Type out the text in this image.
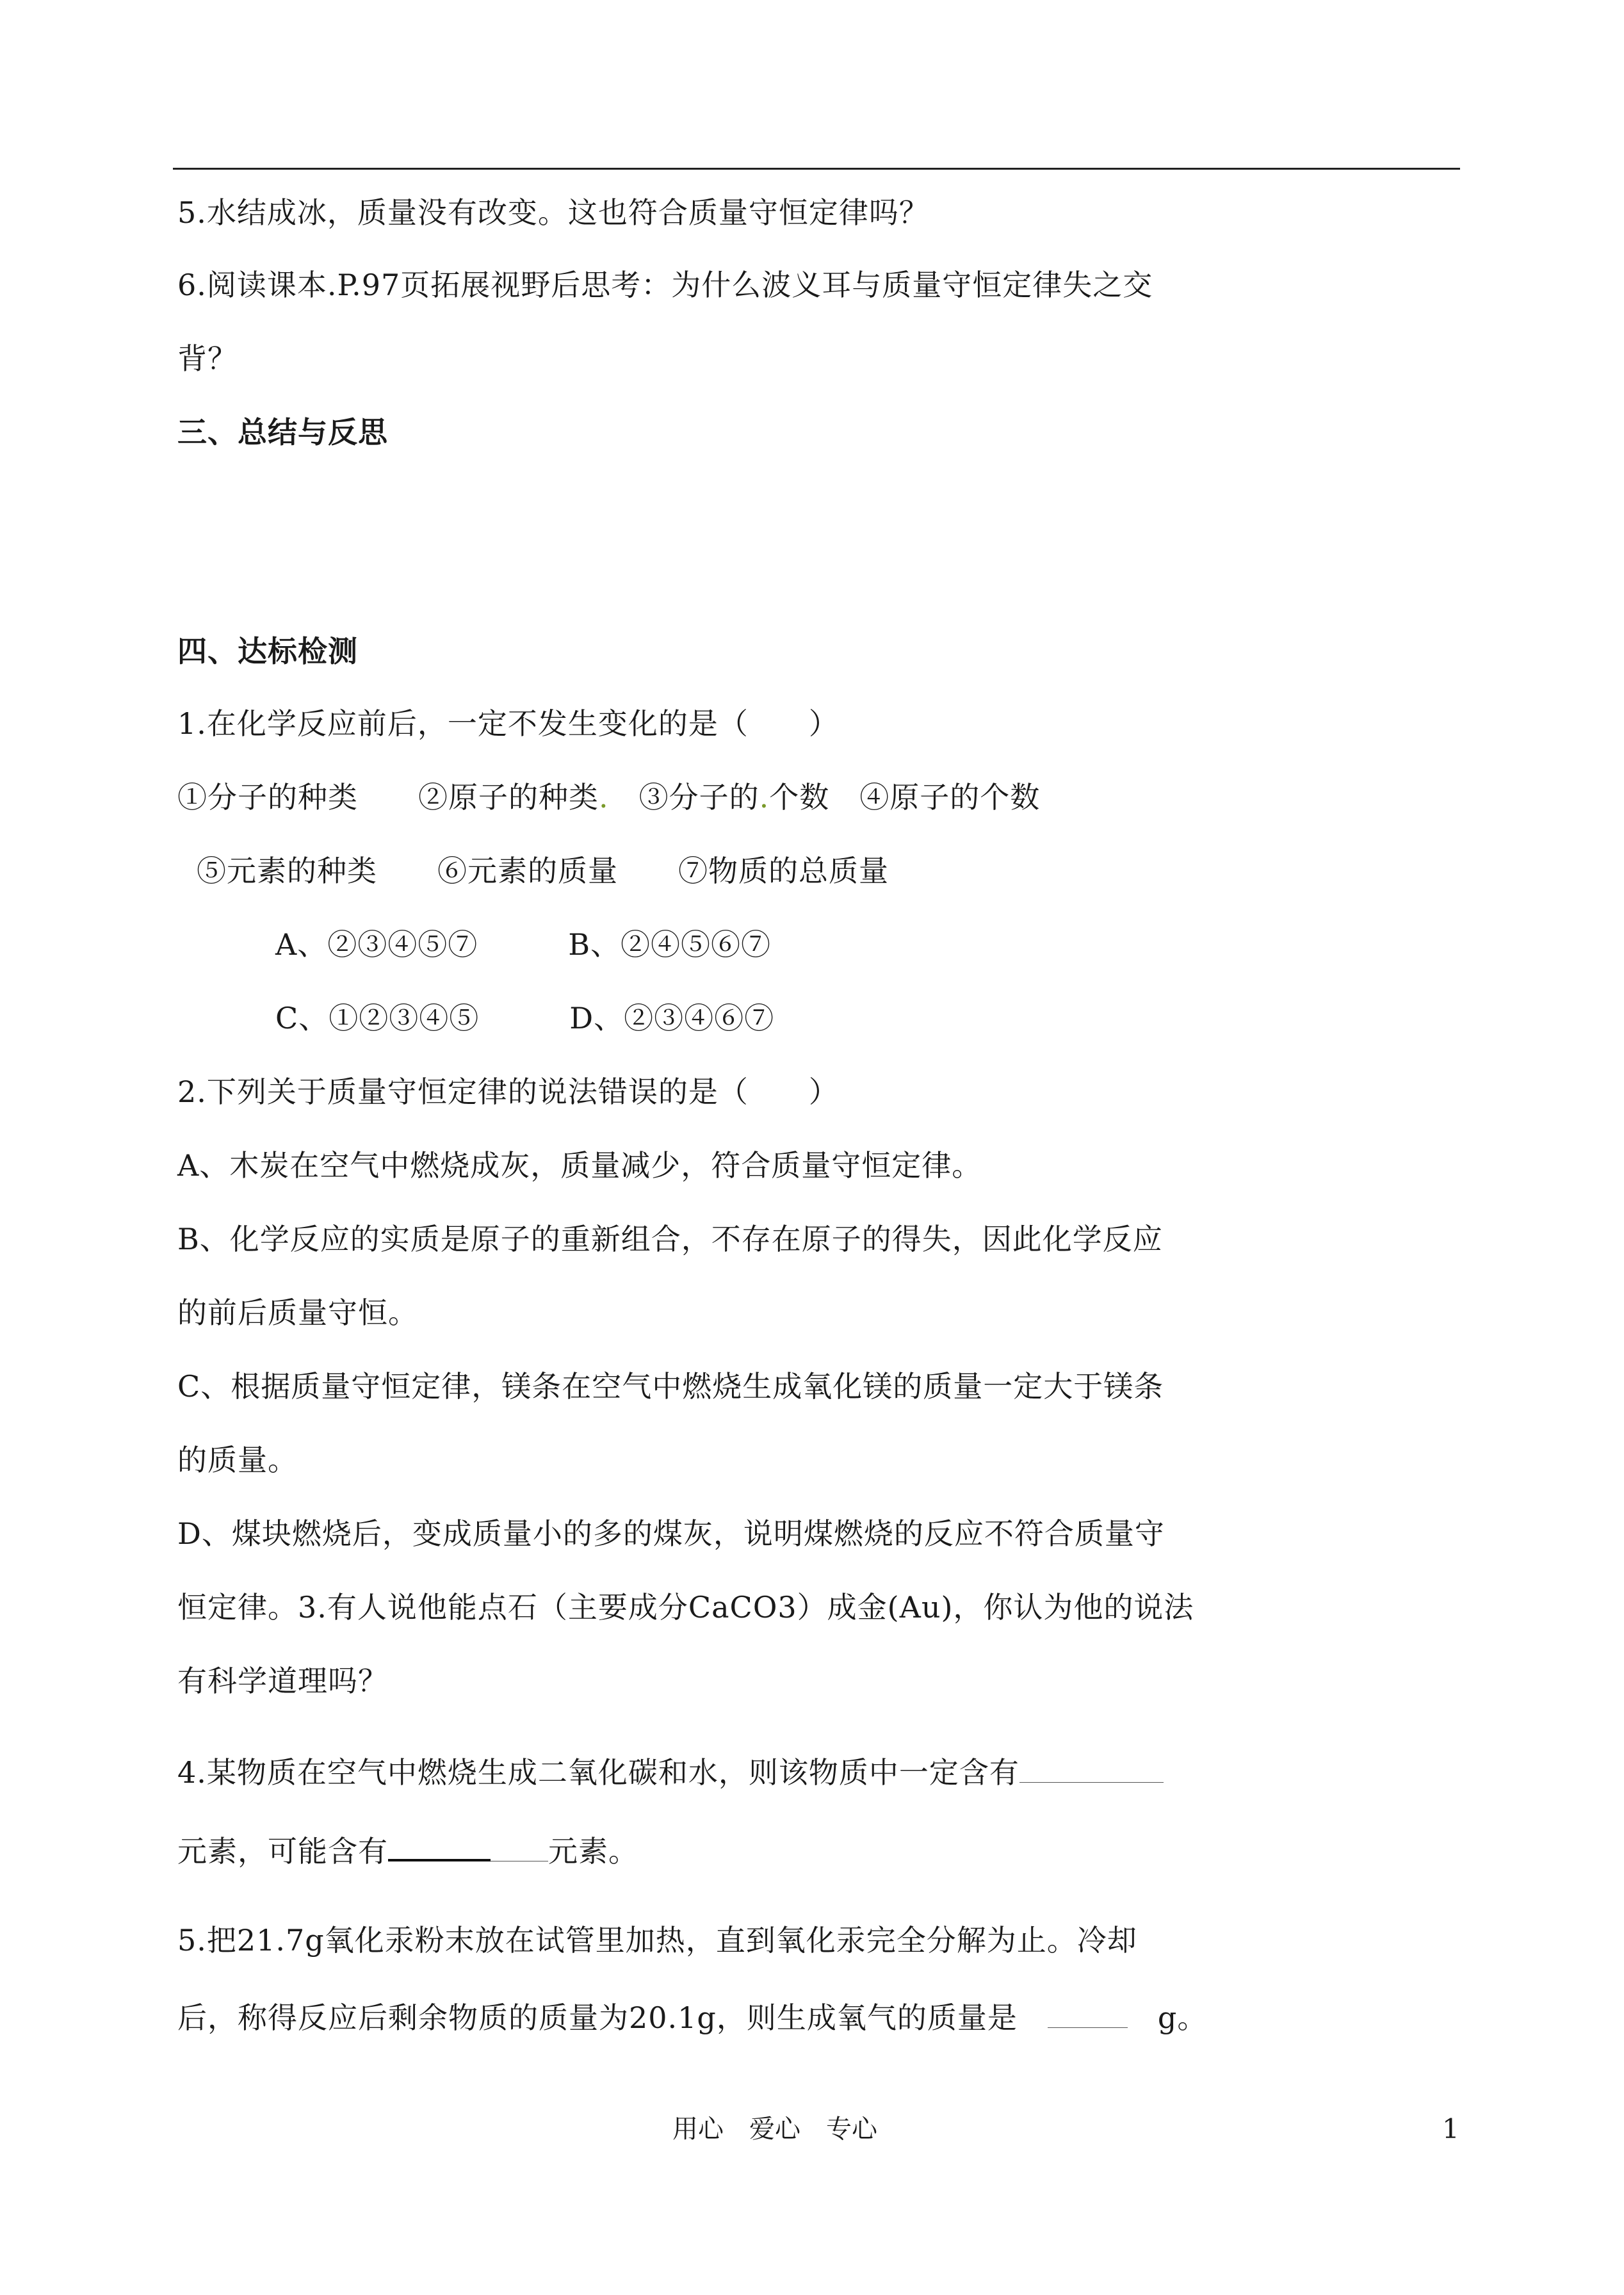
5.水结成冰，质量没有改变。这也符合质量守恒定律吗？
6.阅读课本.P.97页拓展视野后思考：为什么波义耳与质量守恒定律失之交
背？
三、总结与反思
四、达标检测
1.在化学反应前后，一定不发生变化的是（　　）
①分子的种类　　②原子的种类.　③分子的.个数　④原子的个数
⑤元素的种类　　⑥元素的质量　　⑦物质的总质量
A、②③④⑤⑦　　　B、②④⑤⑥⑦
C、①②③④⑤　　　D、②③④⑥⑦
2.下列关于质量守恒定律的说法错误的是（　　）
A、木炭在空气中燃烧成灰，质量减少，符合质量守恒定律。
B、化学反应的实质是原子的重新组合，不存在原子的得失，因此化学反应
的前后质量守恒。
C、根据质量守恒定律，镁条在空气中燃烧生成氧化镁的质量一定大于镁条
的质量。
D、煤块燃烧后，变成质量小的多的煤灰，说明煤燃烧的反应不符合质量守
恒定律。3.有人说他能点石（主要成分CaCO3）成金(Au)，你认为他的说法
有科学道理吗？
4.某物质在空气中燃烧生成二氧化碳和水，则该物质中一定含有
元素，可能含有	元素。
5.把21.7g氧化汞粉末放在试管里加热，直到氧化汞完全分解为止。冷却
后，称得反应后剩余物质的质量为20.1g，则生成氧气的质量是　	　g。
用心　爱心　专心	1
